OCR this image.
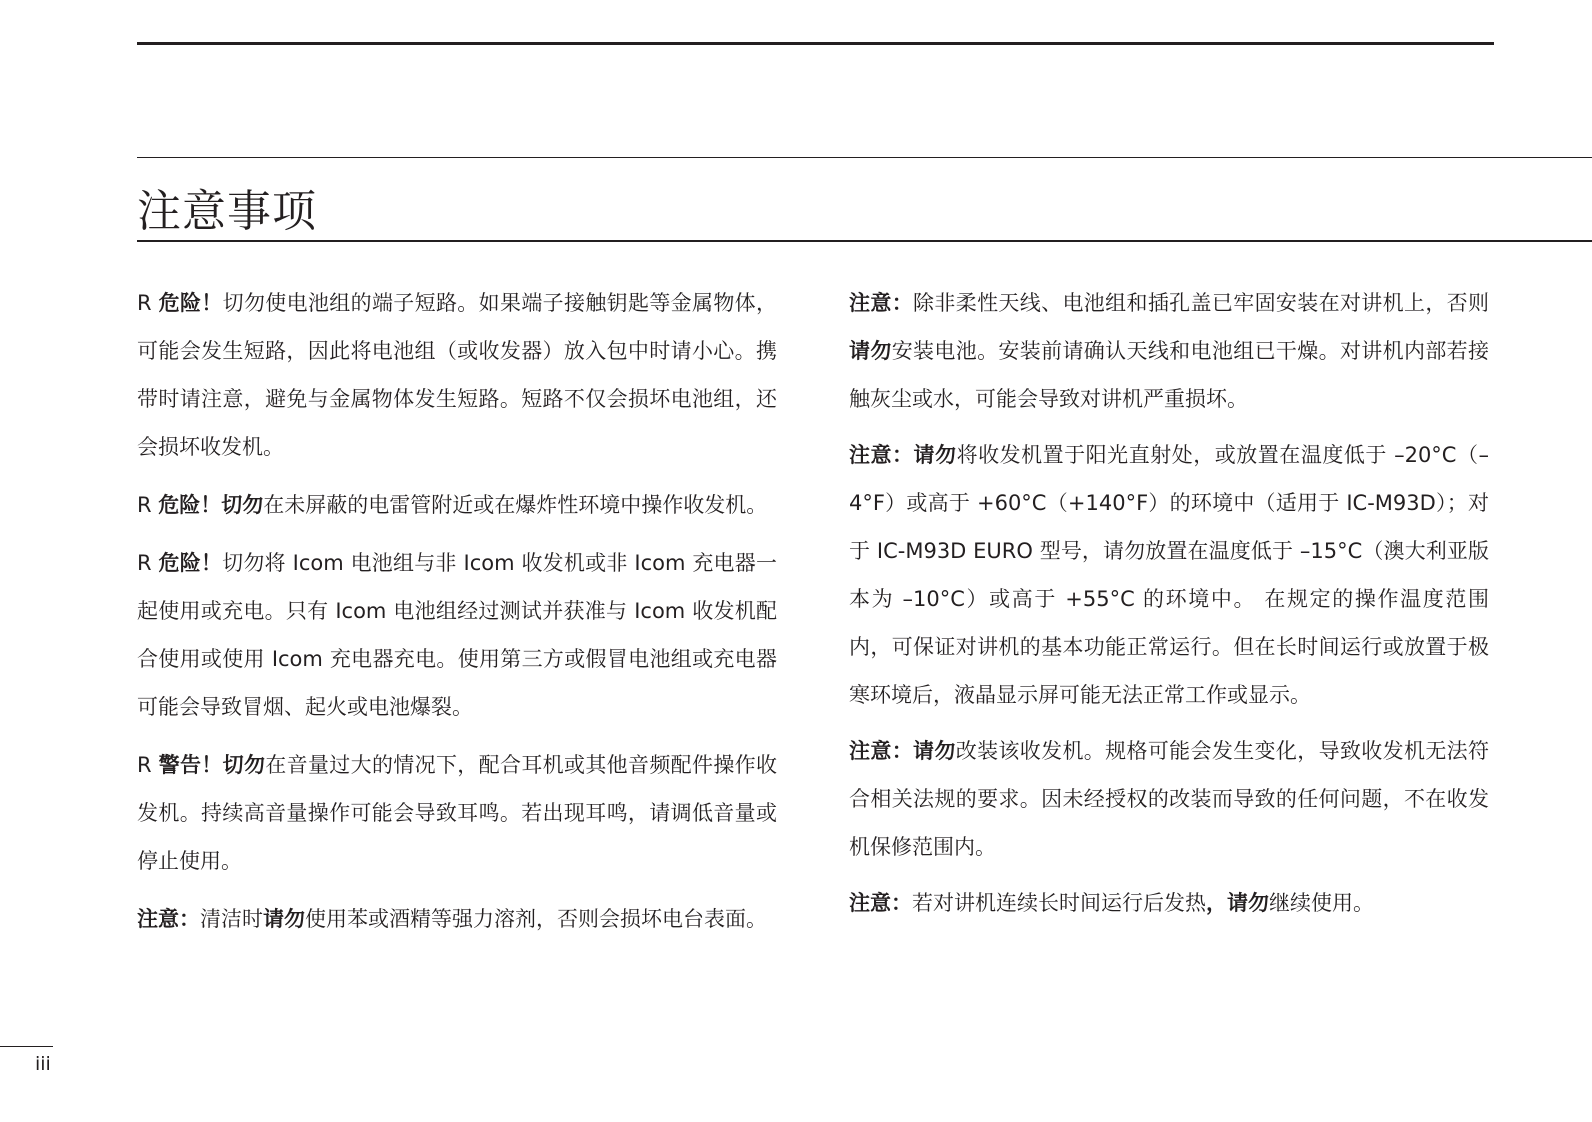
注意事项

R 危险！切勿使电池组的端子短路。如果端子接触钥匙等金属物体，可能会发生短路，因此将电池组（或收发器）放入包中时请小心。携带时请注意，避免与金属物体发生短路。短路不仅会损坏电池组，还会损坏收发机。

R 危险！切勿在未屏蔽的电雷管附近或在爆炸性环境中操作收发机。

R 危险！切勿将 Icom 电池组与非 Icom 收发机或非 Icom 充电器一起使用或充电。只有 Icom 电池组经过测试并获准与 Icom 收发机配合使用或使用 Icom 充电器充电。使用第三方或假冒电池组或充电器可能会导致冒烟、起火或电池爆裂。

R 警告！切勿在音量过大的情况下，配合耳机或其他音频配件操作收发机。持续高音量操作可能会导致耳鸣。若出现耳鸣，请调低音量或停止使用。

注意：清洁时请勿使用苯或酒精等强力溶剂，否则会损坏电台表面。

注意：除非柔性天线、电池组和插孔盖已牢固安装在对讲机上，否则请勿安装电池。安装前请确认天线和电池组已干燥。对讲机内部若接触灰尘或水，可能会导致对讲机严重损坏。

注意：请勿将收发机置于阳光直射处，或放置在温度低于 –20°C（–4°F）或高于 +60°C（+140°F）的环境中（适用于 IC-M93D）；对于 IC-M93D EURO 型号，请勿放置在温度低于 –15°C（澳大利亚版本为 –10°C）或高于 +55°C 的环境中。 在规定的操作温度范围内，可保证对讲机的基本功能正常运行。但在长时间运行或放置于极寒环境后，液晶显示屏可能无法正常工作或显示。

注意：请勿改装该收发机。规格可能会发生变化，导致收发机无法符合相关法规的要求。因未经授权的改装而导致的任何问题，不在收发机保修范围内。

注意：若对讲机连续长时间运行后发热，请勿继续使用。

iii
